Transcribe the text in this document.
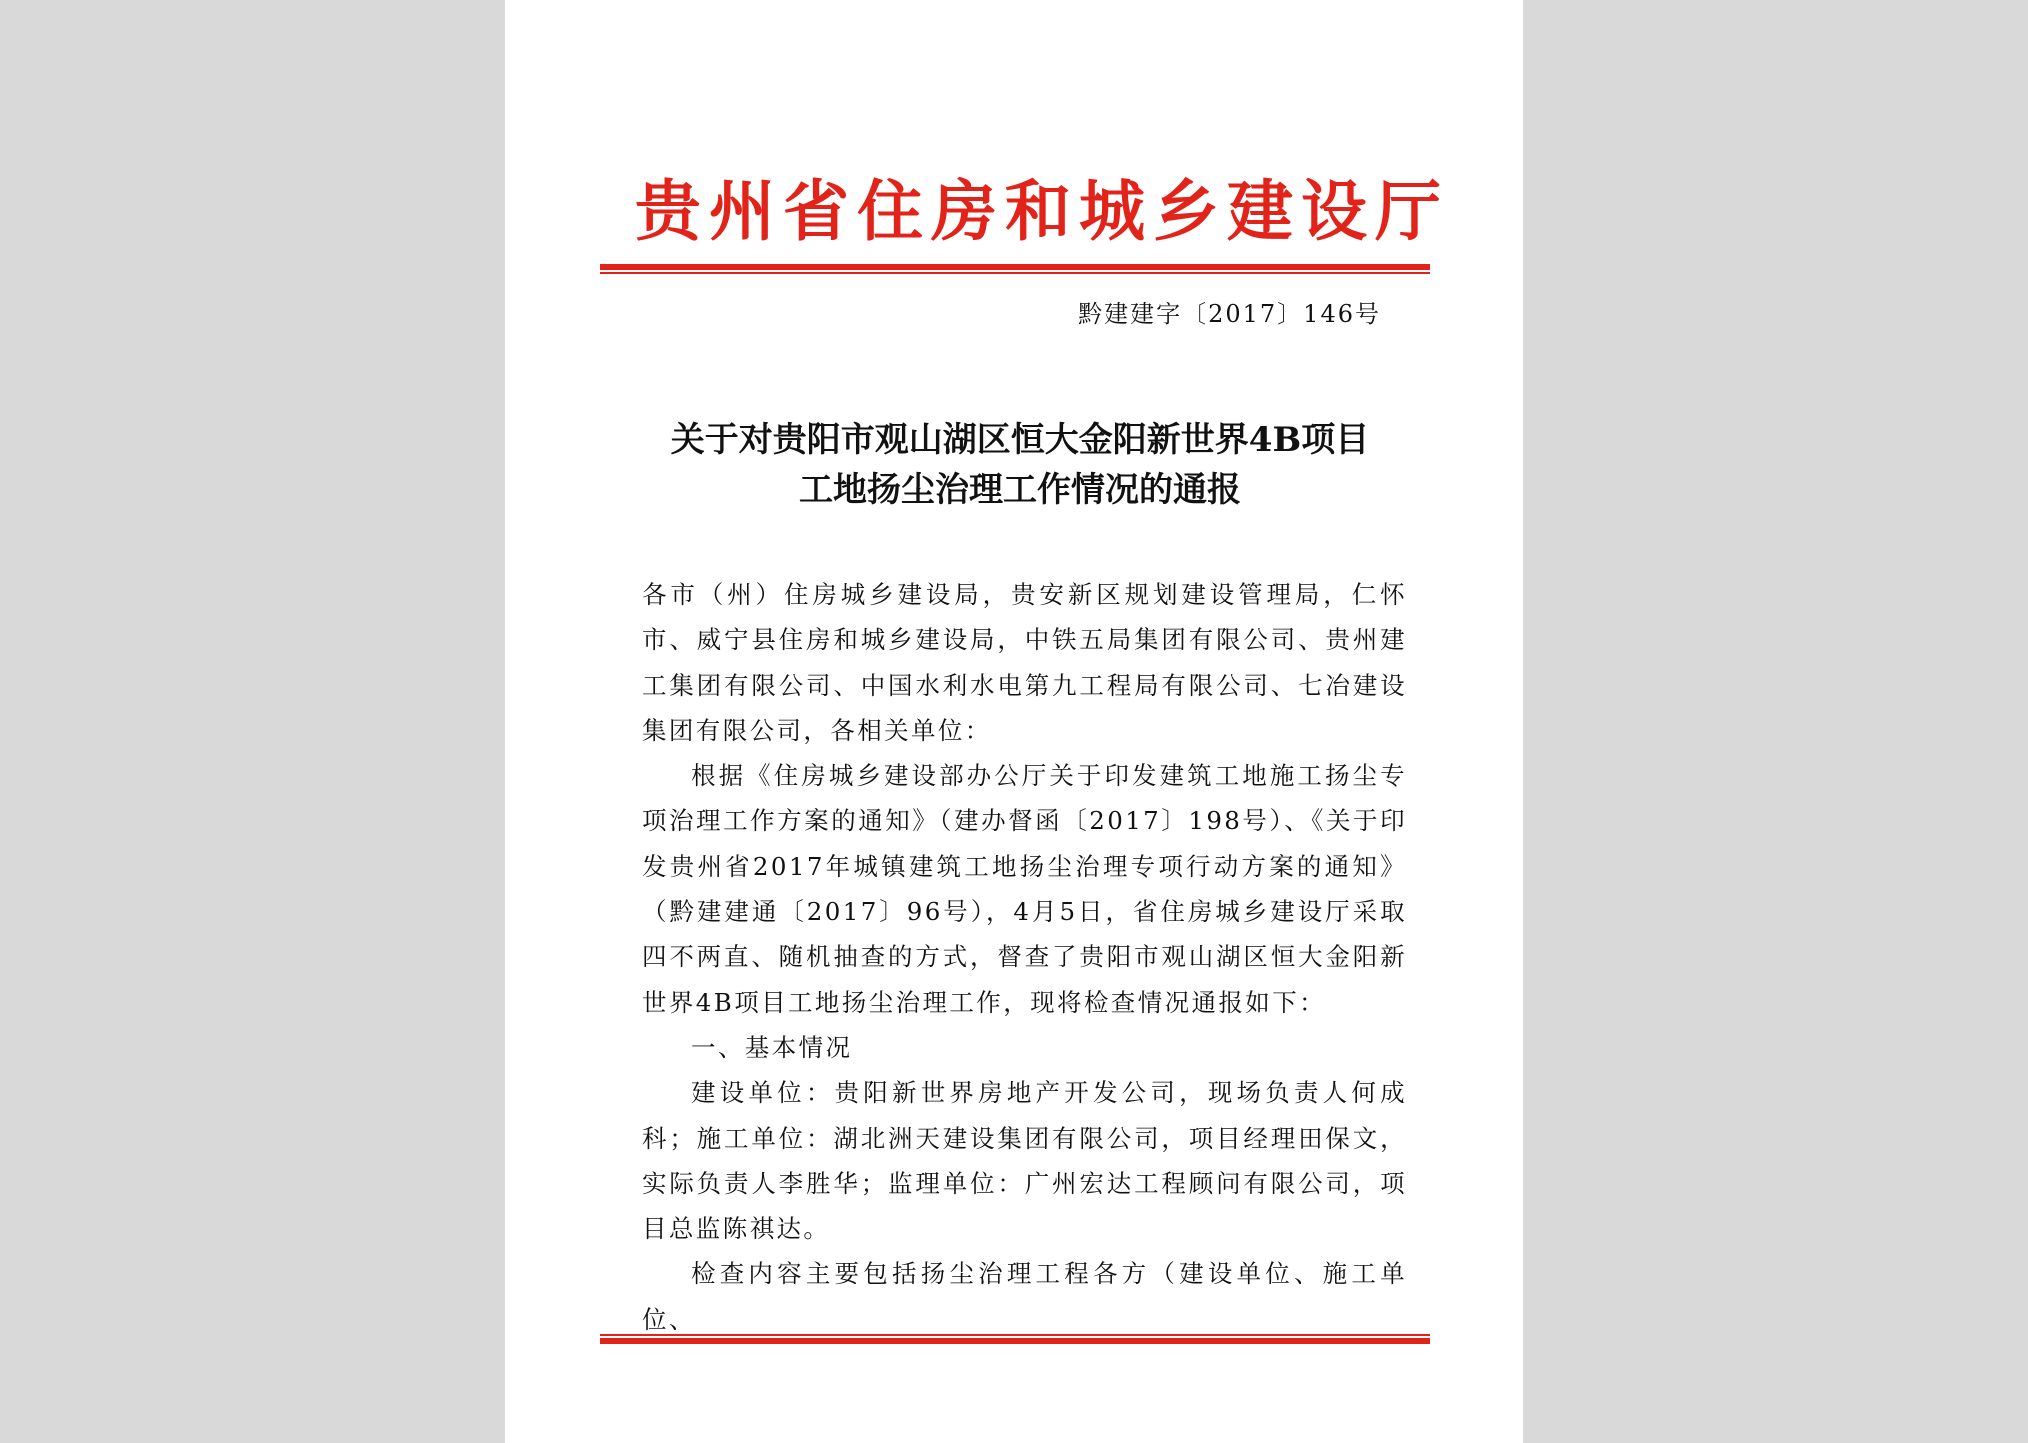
贵州省住房和城乡建设厅

黔建建字〔2017〕146号

关于对贵阳市观山湖区恒大金阳新世界4B项目
工地扬尘治理工作情况的通报

各市（州）住房城乡建设局，贵安新区规划建设管理局，仁怀市、威宁县住房和城乡建设局，中铁五局集团有限公司、贵州建工集团有限公司、中国水利水电第九工程局有限公司、七冶建设集团有限公司，各相关单位：

根据《住房城乡建设部办公厅关于印发建筑工地施工扬尘专项治理工作方案的通知》（建办督函〔2017〕198号）、《关于印发贵州省2017年城镇建筑工地扬尘治理专项行动方案的通知》（黔建建通〔2017〕96号），4月5日，省住房城乡建设厅采取四不两直、随机抽查的方式，督查了贵阳市观山湖区恒大金阳新世界4B项目工地扬尘治理工作，现将检查情况通报如下：

一、基本情况

建设单位：贵阳新世界房地产开发公司，现场负责人何成科；施工单位：湖北洲天建设集团有限公司，项目经理田保文，实际负责人李胜华；监理单位：广州宏达工程顾问有限公司，项目总监陈祺达。

检查内容主要包括扬尘治理工程各方（建设单位、施工单位、
